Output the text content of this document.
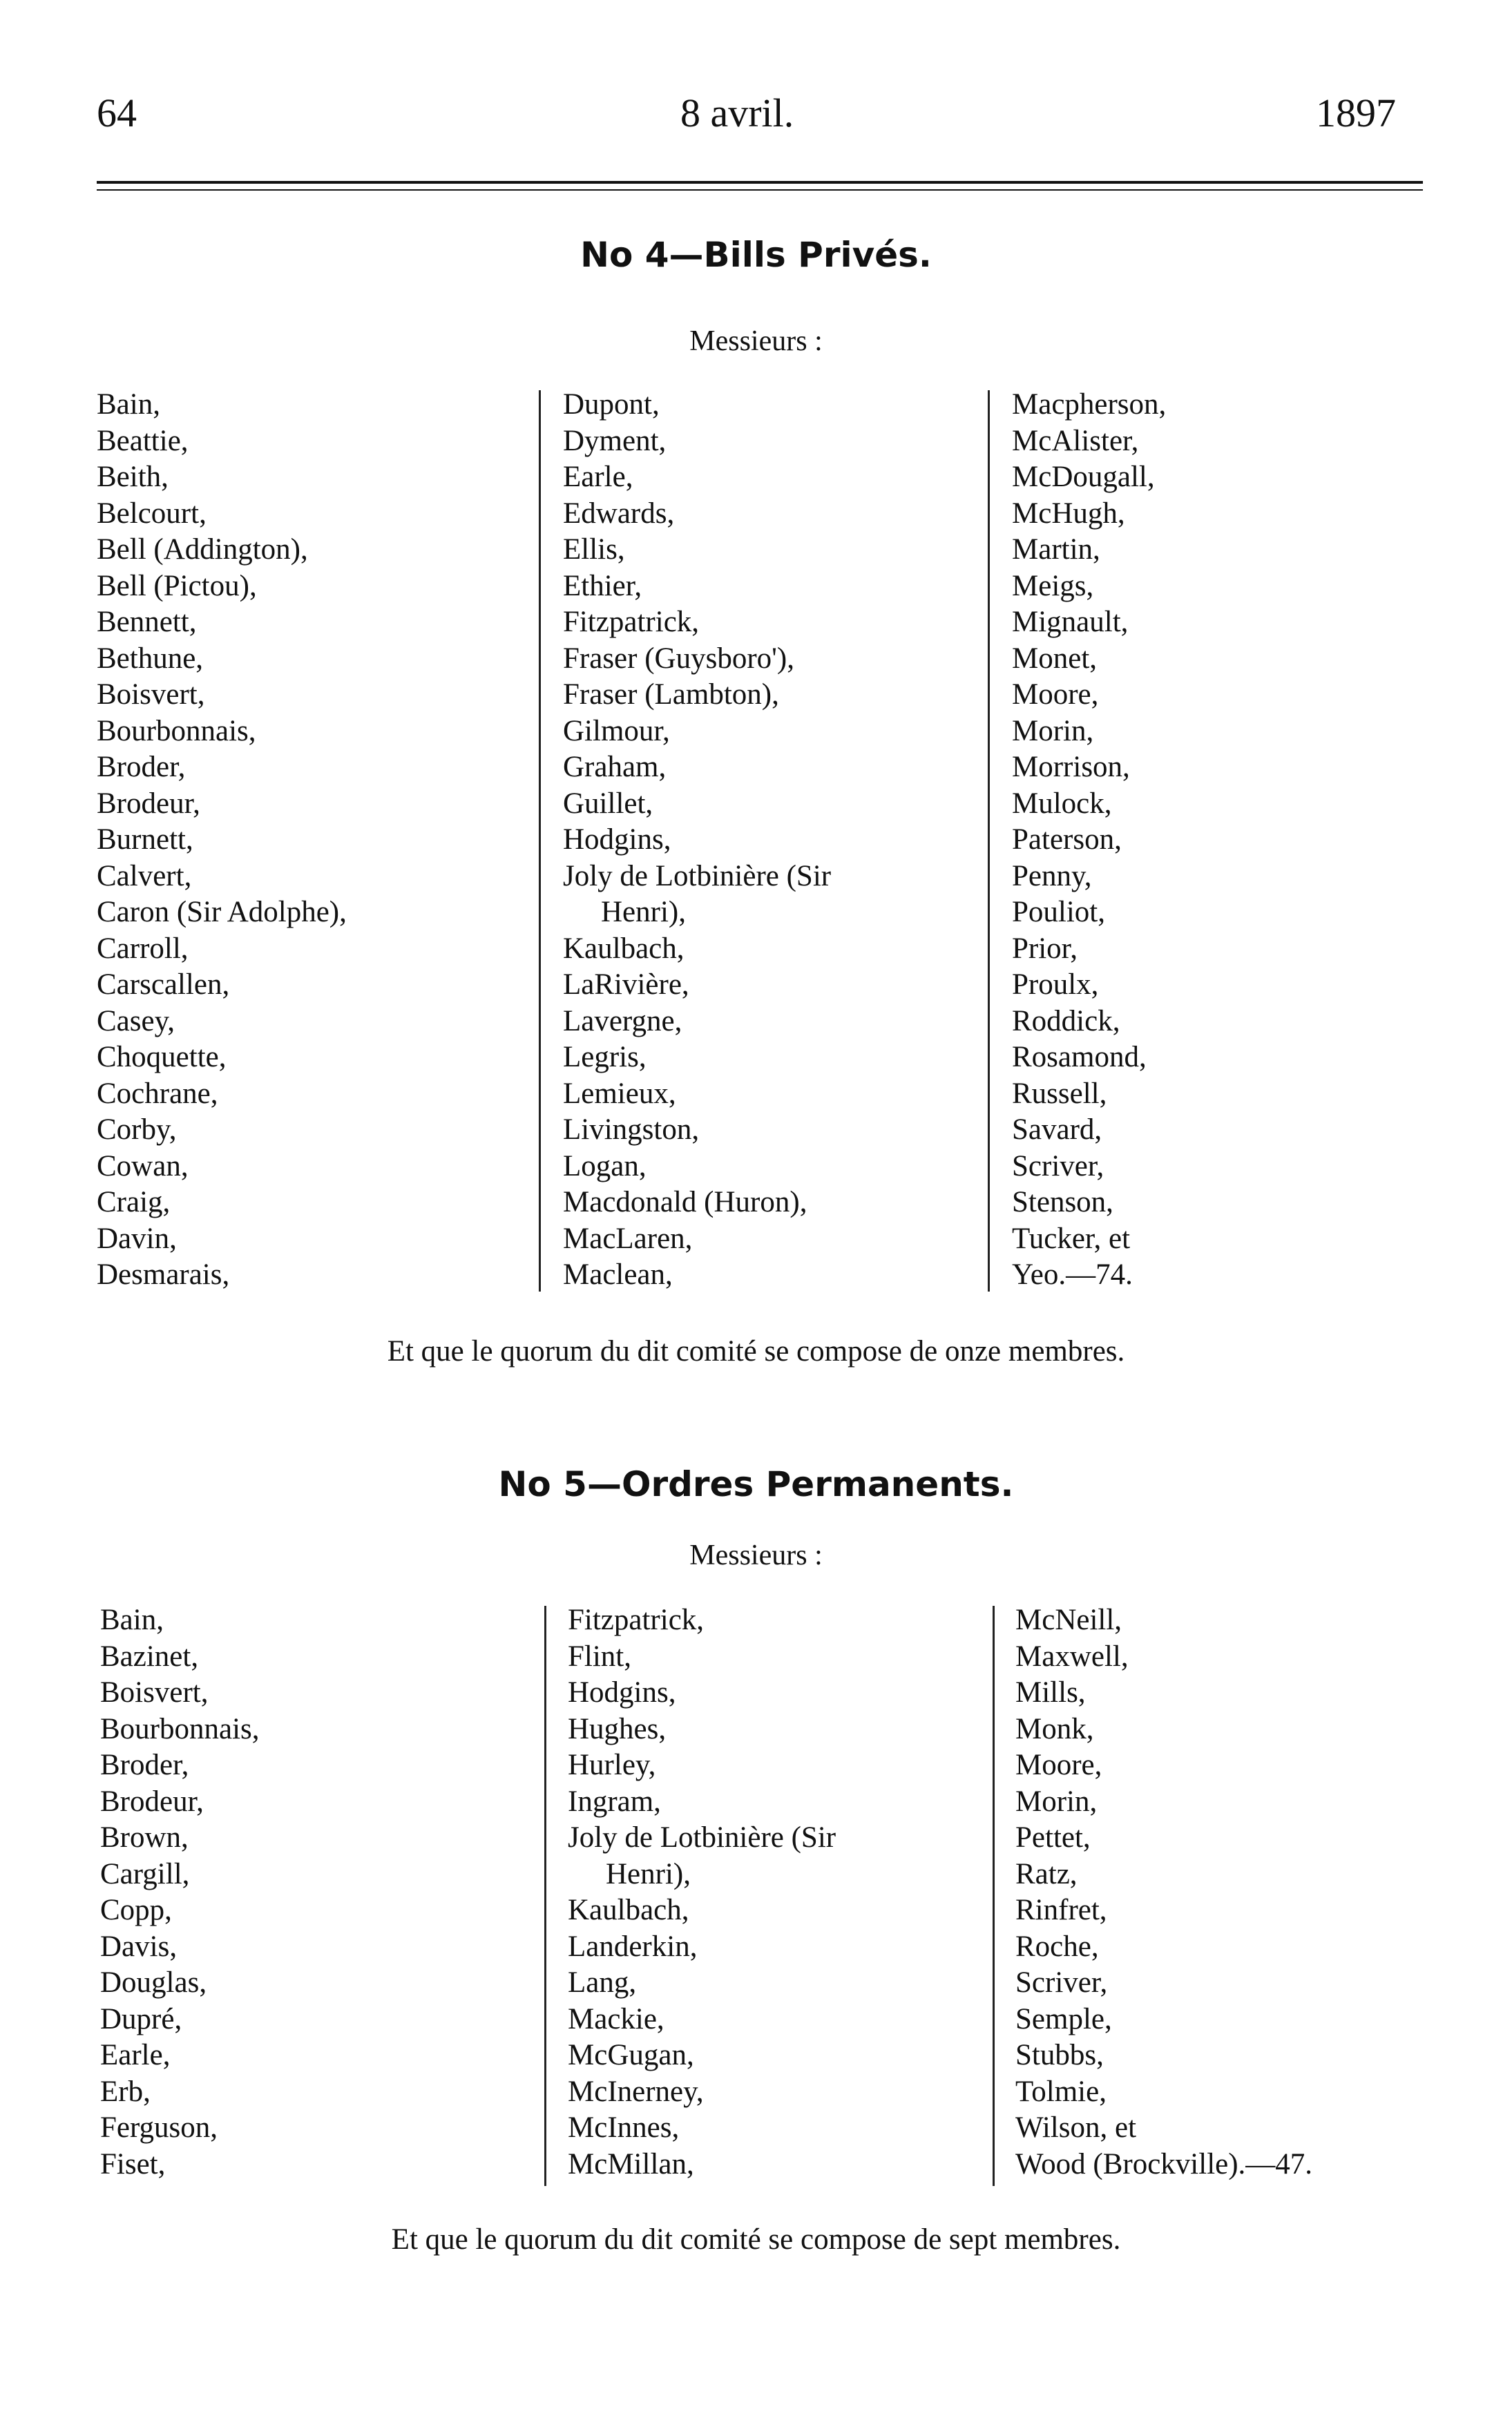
64	8 avril.	1897
No 4—Bills Privés.
Messieurs :
Bain,
Beattie,
Beith,
Belcourt,
Bell (Addington),
Bell (Pictou),
Bennett,
Bethune,
Boisvert,
Bourbonnais,
Broder,
Brodeur,
Burnett,
Calvert,
Caron (Sir Adolphe),
Carroll,
Carscallen,
Casey,
Choquette,
Cochrane,
Corby,
Cowan,
Craig,
Davin,
Desmarais,
Dupont,
Dyment,
Earle,
Edwards,
Ellis,
Ethier,
Fitzpatrick,
Fraser (Guysboro'),
Fraser (Lambton),
Gilmour,
Graham,
Guillet,
Hodgins,
Joly de Lotbinière (Sir
Henri),
Kaulbach,
LaRivière,
Lavergne,
Legris,
Lemieux,
Livingston,
Logan,
Macdonald (Huron),
MacLaren,
Maclean,
Macpherson,
McAlister,
McDougall,
McHugh,
Martin,
Meigs,
Mignault,
Monet,
Moore,
Morin,
Morrison,
Mulock,
Paterson,
Penny,
Pouliot,
Prior,
Proulx,
Roddick,
Rosamond,
Russell,
Savard,
Scriver,
Stenson,
Tucker, et
Yeo.—74.
Et que le quorum du dit comité se compose de onze membres.
No 5—Ordres Permanents.
Messieurs :
Bain,
Bazinet,
Boisvert,
Bourbonnais,
Broder,
Brodeur,
Brown,
Cargill,
Copp,
Davis,
Douglas,
Dupré,
Earle,
Erb,
Ferguson,
Fiset,
Fitzpatrick,
Flint,
Hodgins,
Hughes,
Hurley,
Ingram,
Joly de Lotbinière (Sir
Henri),
Kaulbach,
Landerkin,
Lang,
Mackie,
McGugan,
McInerney,
McInnes,
McMillan,
McNeill,
Maxwell,
Mills,
Monk,
Moore,
Morin,
Pettet,
Ratz,
Rinfret,
Roche,
Scriver,
Semple,
Stubbs,
Tolmie,
Wilson, et
Wood (Brockville).—47.
Et que le quorum du dit comité se compose de sept membres.
